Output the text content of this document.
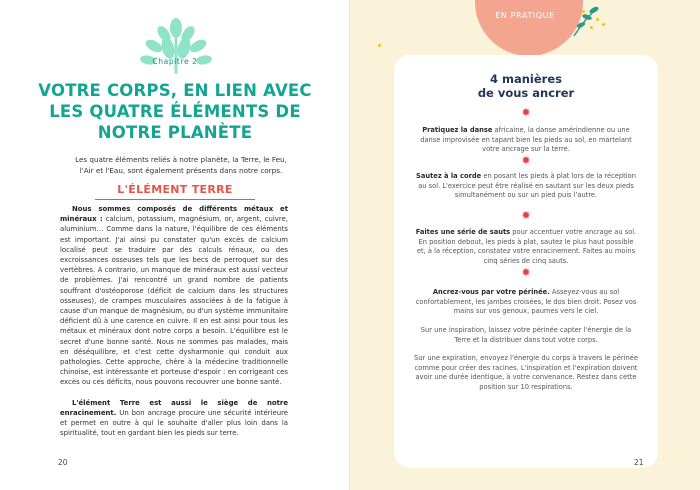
Chapitre 2
VOTRE CORPS, EN LIEN AVEC LES QUATRE ÉLÉMENTS DE NOTRE PLANÈTE
Les quatre éléments reliés à notre planète, la Terre, le Feu, l'Air et l'Eau, sont également présents dans notre corps.
L'ÉLÉMENT TERRE

Nous sommes composés de différents métaux et minéraux : calcium, potassium, magnésium, or, argent, cuivre, aluminium… Comme dans la nature, l'équilibre de ces éléments est important. J'ai ainsi pu constater qu'un excès de calcium localisé peut se traduire par des calculs rénaux, ou des excroissances osseuses tels que les becs de perroquet sur des vertèbres. A contrario, un manque de minéraux est aussi vecteur de problèmes. J'ai rencontré un grand nombre de patients souffrant d'ostéoporose (déficit de calcium dans les structures osseuses), de crampes musculaires associées à de la fatigue à cause d'un manque de magnésium, ou d'un système immunitaire déficient dû à une carence en cuivre. Il en est ainsi pour tous les métaux et minéraux dont notre corps a besoin. L'équilibre est le secret d'une bonne santé. Nous ne sommes pas malades, mais en déséquilibre, et c'est cette dysharmonie qui conduit aux pathologies. Cette approche, chère à la médecine traditionnelle chinoise, est intéressante et porteuse d'espoir : en corrigeant ces excès ou ces déficits, nous pouvons recouvrer une bonne santé.

L'élément Terre est aussi le siège de notre enracinement. Un bon ancrage procure une sécurité intérieure et permet en outre à qui le souhaite d'aller plus loin dans la spiritualité, tout en gardant bien les pieds sur terre.

20
EN PRATIQUE
4 manières
de vous ancrer
✸
Pratiquez la danse africaine, la danse amérindienne ou une danse improvisée en tapant bien les pieds au sol, en martelant votre ancrage sur la terre.
✸
Sautez à la corde en posant les pieds à plat lors de la réception au sol. L'exercice peut être réalisé en sautant sur les deux pieds simultanément ou sur un pied puis l'autre.
✸
Faites une série de sauts pour accentuer votre ancrage au sol. En position debout, les pieds à plat, sautez le plus haut possible et, à la réception, constatez votre enracinement. Faites au moins cinq séries de cinq sauts.
✸
Ancrez-vous par votre périnée. Asseyez-vous au sol confortablement, les jambes croisées, le dos bien droit. Posez vos mains sur vos genoux, paumes vers le ciel.
Sur une inspiration, laissez votre périnée capter l'énergie de la Terre et la distribuer dans tout votre corps.
Sur une expiration, envoyez l'énergie du corps à travers le périnée comme pour créer des racines. L'inspiration et l'expiration doivent avoir une durée identique, à votre convenance. Restez dans cette position sur 10 respirations.
21
